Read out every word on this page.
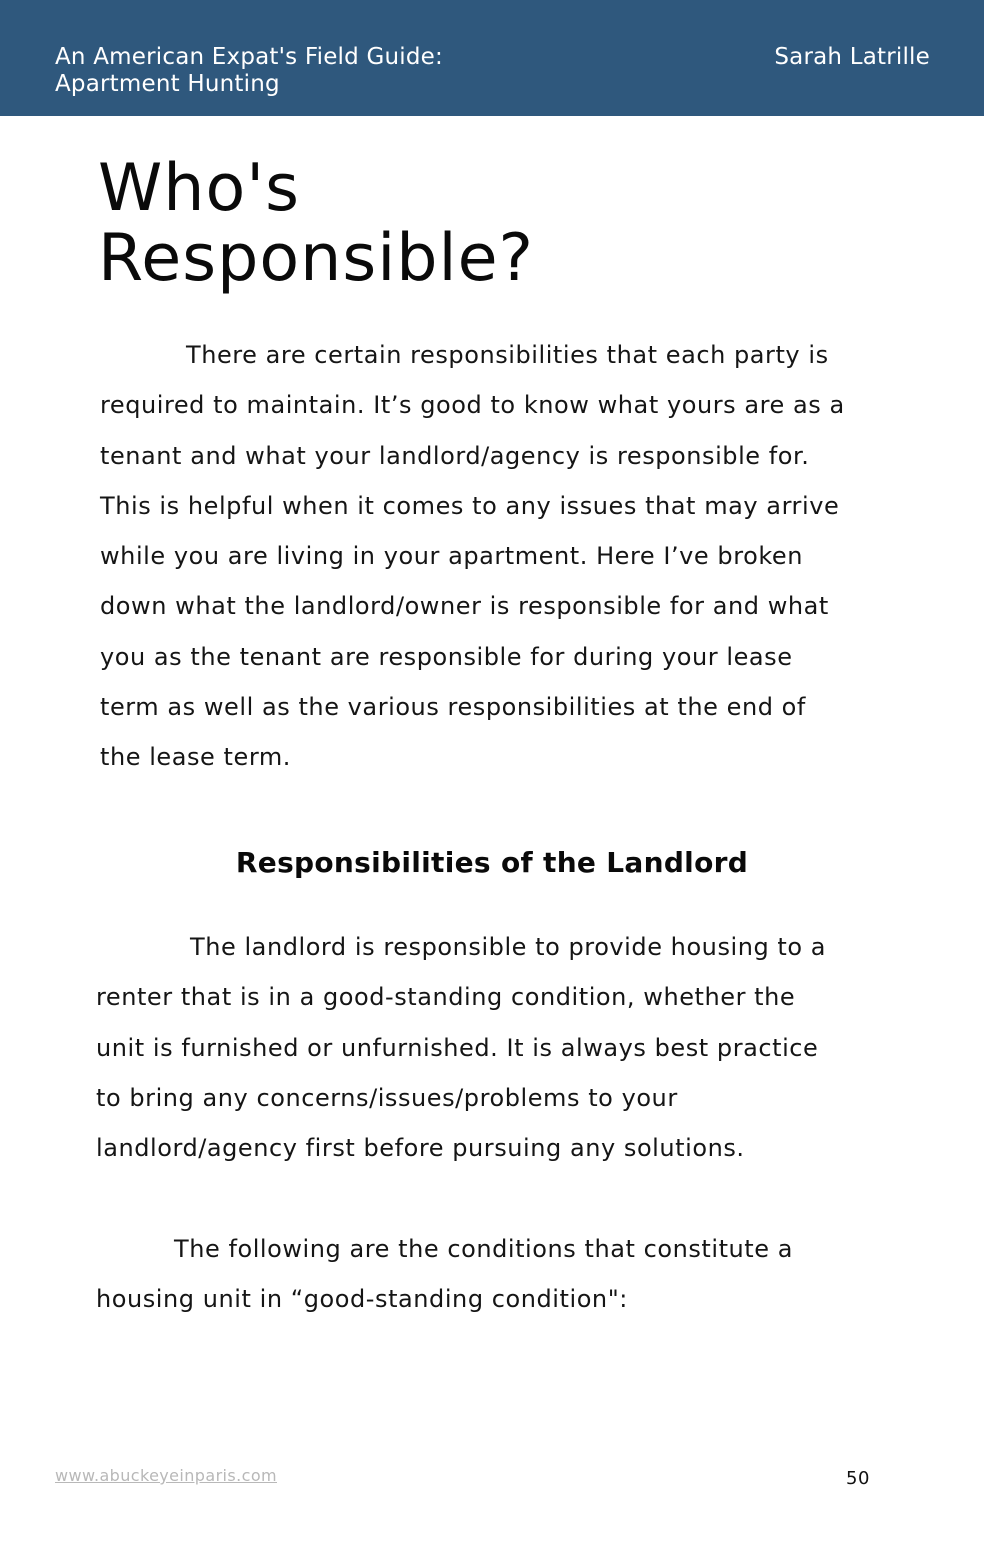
An American Expat's Field Guide:
Apartment Hunting
Sarah Latrille
Who's
Responsible?

There are certain responsibilities that each party is
required to maintain. It’s good to know what yours are as a
tenant and what your landlord/agency is responsible for.
This is helpful when it comes to any issues that may arrive
while you are living in your apartment. Here I’ve broken
down what the landlord/owner is responsible for and what
you as the tenant are responsible for during your lease
term as well as the various responsibilities at the end of
the lease term.

Responsibilities of the Landlord

The landlord is responsible to provide housing to a
renter that is in a good-standing condition, whether the
unit is furnished or unfurnished. It is always best practice
to bring any concerns/issues/problems to your
landlord/agency first before pursuing any solutions.

The following are the conditions that constitute a
housing unit in “good-standing condition":

www.abuckeyeinparis.com	50
